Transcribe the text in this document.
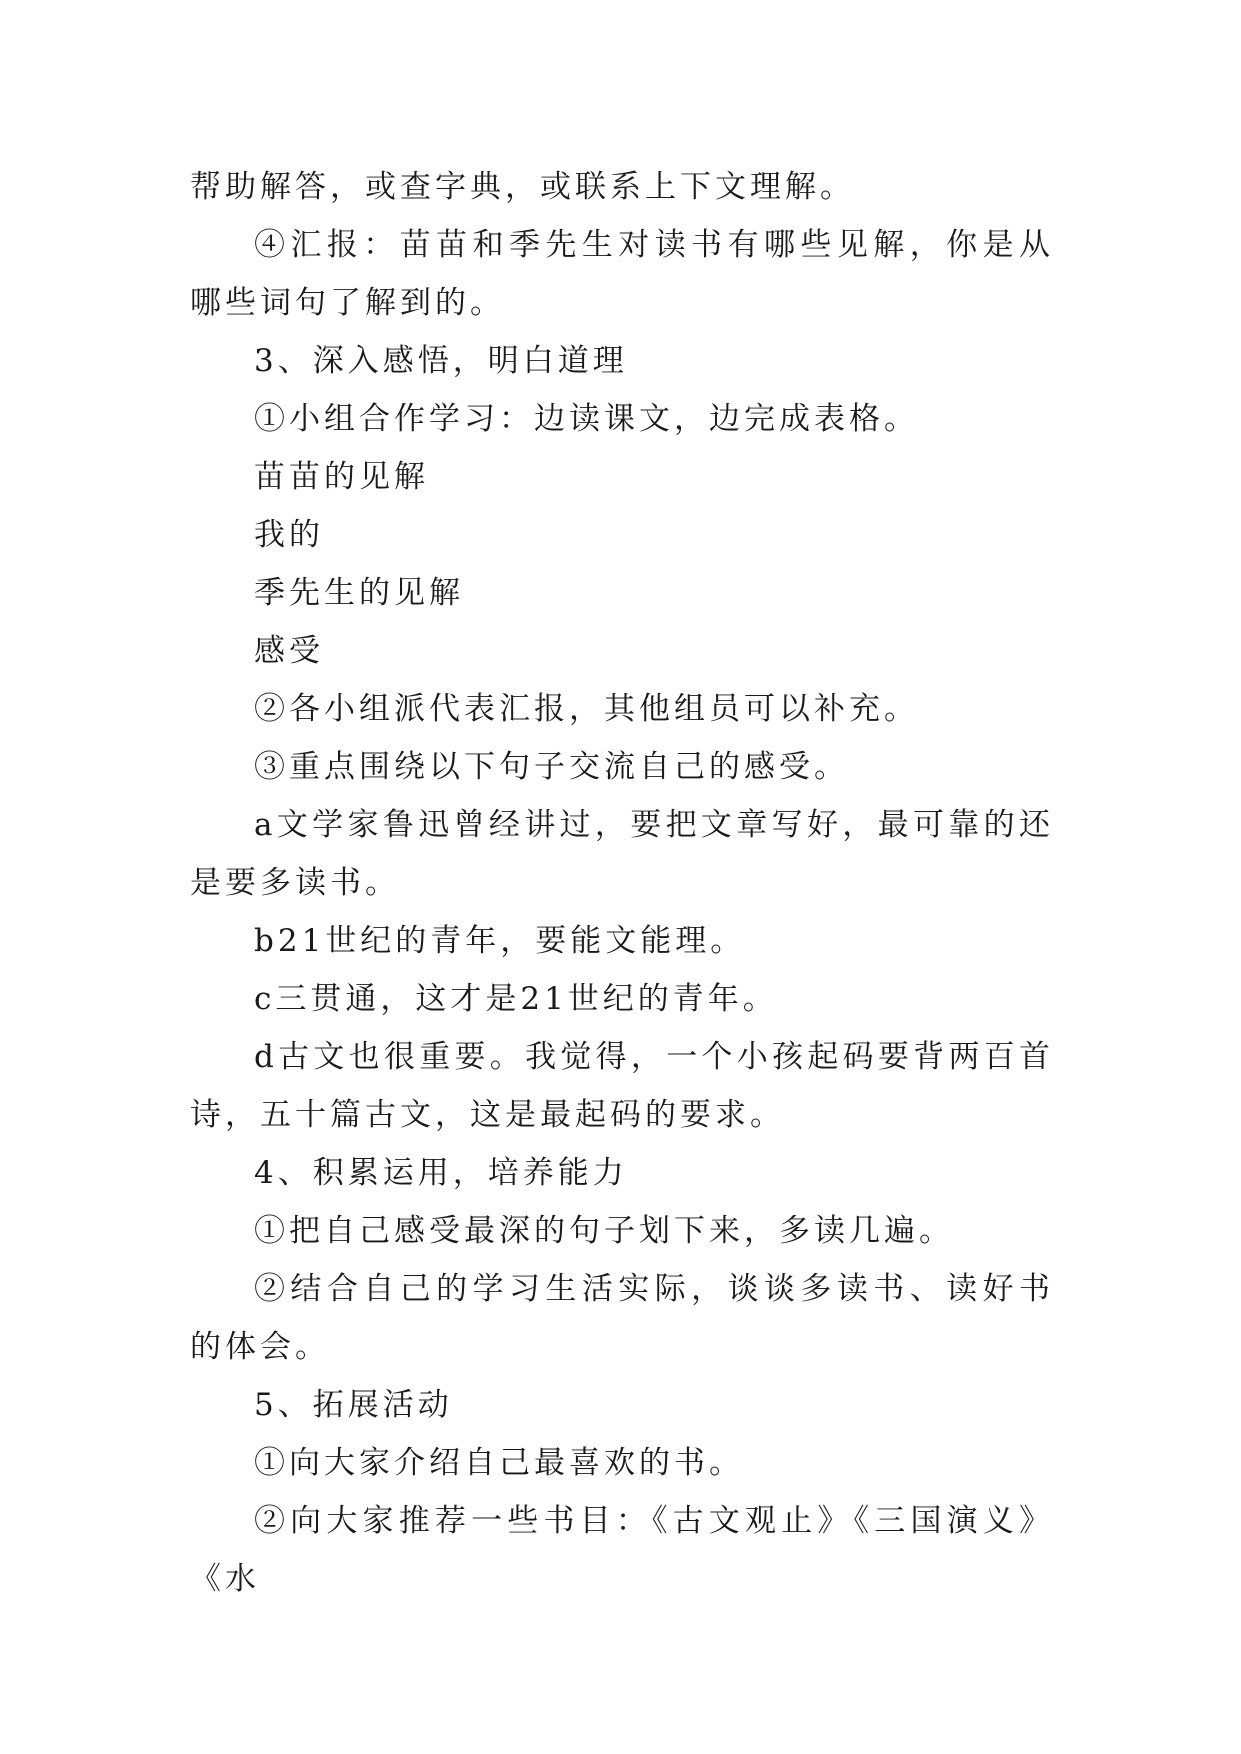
帮助解答，或查字典，或联系上下文理解。

④汇报：苗苗和季先生对读书有哪些见解，你是从哪些词句了解到的。

3、深入感悟，明白道理

①小组合作学习：边读课文，边完成表格。

苗苗的见解

我的

季先生的见解

感受

②各小组派代表汇报，其他组员可以补充。

③重点围绕以下句子交流自己的感受。

a文学家鲁迅曾经讲过，要把文章写好，最可靠的还是要多读书。

b21世纪的青年，要能文能理。

c三贯通，这才是21世纪的青年。

d古文也很重要。我觉得，一个小孩起码要背两百首诗，五十篇古文，这是最起码的要求。

4、积累运用，培养能力

①把自己感受最深的句子划下来，多读几遍。

②结合自己的学习生活实际，谈谈多读书、读好书的体会。

5、拓展活动

①向大家介绍自己最喜欢的书。

②向大家推荐一些书目：《古文观止》《三国演义》《水
